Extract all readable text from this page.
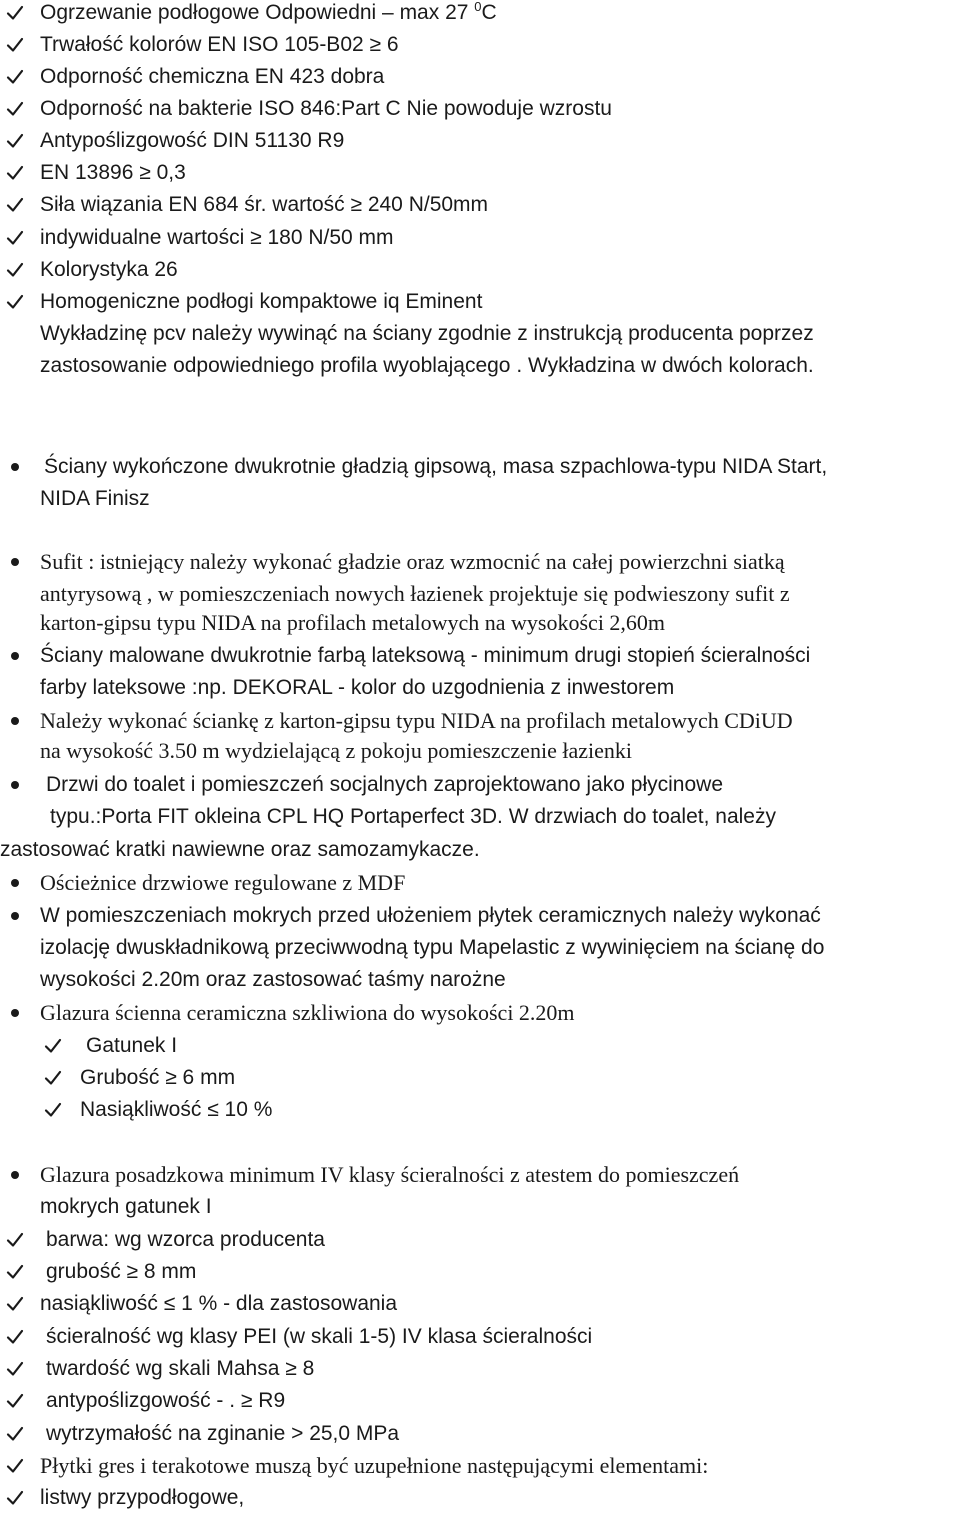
Ogrzewanie podłogowe Odpowiedni – max 27 $^0$C
Trwałość kolorów EN ISO 105-B02 ≥ 6
Odporność chemiczna EN 423 dobra
Odporność na bakterie ISO 846:Part C Nie powoduje wzrostu
Antypoślizgowość DIN 51130 R9
EN 13896 ≥ 0,3
Siła wiązania EN 684 śr. wartość ≥ 240 N/50mm
indywidualne wartości ≥ 180 N/50 mm
Kolorystyka 26
Homogeniczne podłogi kompaktowe iq Eminent
Wykładzinę pcv należy wywinąć na ściany zgodnie z instrukcją producenta poprzez
zastosowanie odpowiedniego profila wyoblającego . Wykładzina w dwóch kolorach.
Ściany wykończone dwukrotnie gładzią gipsową, masa szpachlowa-typu NIDA Start,
NIDA Finisz
Sufit : istniejący należy wykonać gładzie oraz wzmocnić na całej powierzchni siatką
antyrysową , w pomieszczeniach nowych łazienek projektuje się podwieszony sufit z
karton-gipsu typu NIDA na profilach metalowych na wysokości 2,60m
Ściany malowane dwukrotnie farbą lateksową - minimum drugi stopień ścieralności
farby lateksowe :np. DEKORAL - kolor do uzgodnienia z inwestorem
Należy wykonać ściankę z karton-gipsu typu NIDA na profilach metalowych CDiUD
na wysokość 3.50 m wydzielającą z pokoju pomieszczenie łazienki
Drzwi do toalet i pomieszczeń socjalnych zaprojektowano jako płycinowe
typu.:Porta FIT okleina CPL HQ Portaperfect 3D. W drzwiach do toalet, należy
zastosować kratki nawiewne oraz samozamykacze.
Ościeżnice drzwiowe regulowane z MDF
W pomieszczeniach mokrych przed ułożeniem płytek ceramicznych należy wykonać
izolację dwuskładnikową przeciwwodną typu Mapelastic z wywinięciem na ścianę do
wysokości 2.20m oraz zastosować taśmy narożne
Glazura ścienna ceramiczna szkliwiona do wysokości 2.20m
Gatunek I
Grubość ≥ 6 mm
Nasiąkliwość ≤ 10 %
Glazura posadzkowa minimum IV klasy ścieralności z atestem do pomieszczeń
mokrych gatunek I
barwa: wg wzorca producenta
grubość ≥ 8 mm
nasiąkliwość ≤ 1 % - dla zastosowania
ścieralność wg klasy PEI (w skali 1-5) IV klasa ścieralności
twardość wg skali Mahsa ≥ 8
antypoślizgowość - . ≥ R9
wytrzymałość na zginanie > 25,0 MPa
Płytki gres i terakotowe muszą być uzupełnione następującymi elementami:
listwy przypodłogowe,
